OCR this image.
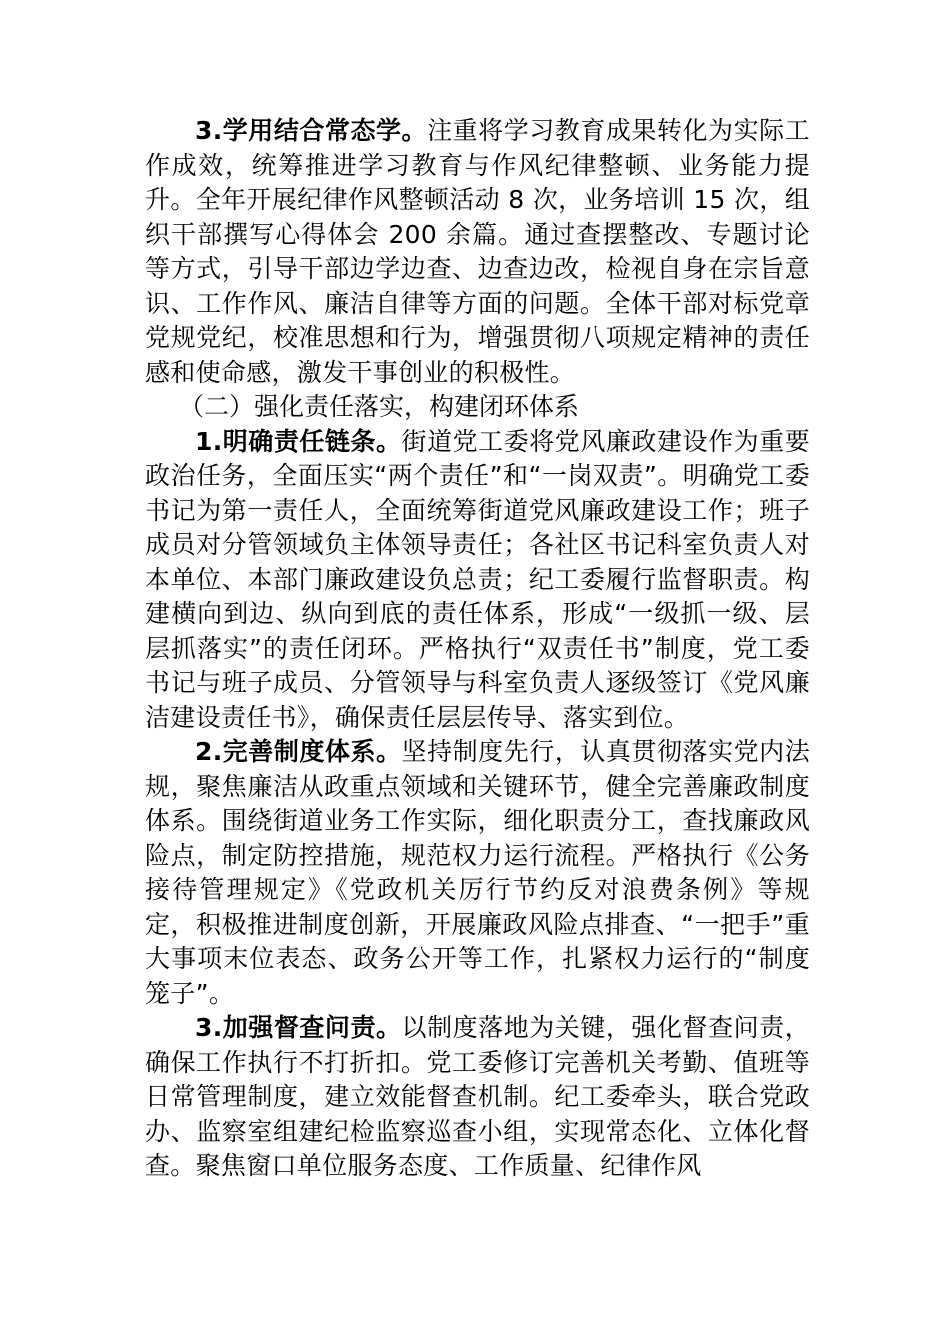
3.学用结合常态学。注重将学习教育成果转化为实际工作成效，统筹推进学习教育与作风纪律整顿、业务能力提升。全年开展纪律作风整顿活动 8 次，业务培训 15 次，组织干部撰写心得体会 200 余篇。通过查摆整改、专题讨论等方式，引导干部边学边查、边查边改，检视自身在宗旨意识、工作作风、廉洁自律等方面的问题。全体干部对标党章党规党纪，校准思想和行为，增强贯彻八项规定精神的责任感和使命感，激发干事创业的积极性。

（二）强化责任落实，构建闭环体系

1.明确责任链条。街道党工委将党风廉政建设作为重要政治任务，全面压实“两个责任”和“一岗双责”。明确党工委书记为第一责任人，全面统筹街道党风廉政建设工作；班子成员对分管领域负主体领导责任；各社区书记科室负责人对本单位、本部门廉政建设负总责；纪工委履行监督职责。构建横向到边、纵向到底的责任体系，形成“一级抓一级、层层抓落实”的责任闭环。严格执行“双责任书”制度，党工委书记与班子成员、分管领导与科室负责人逐级签订《党风廉洁建设责任书》，确保责任层层传导、落实到位。

2.完善制度体系。坚持制度先行，认真贯彻落实党内法规，聚焦廉洁从政重点领域和关键环节，健全完善廉政制度体系。围绕街道业务工作实际，细化职责分工，查找廉政风险点，制定防控措施，规范权力运行流程。严格执行《公务接待管理规定》《党政机关厉行节约反对浪费条例》等规定，积极推进制度创新，开展廉政风险点排查、“一把手”重大事项末位表态、政务公开等工作，扎紧权力运行的“制度笼子”。

3.加强督查问责。以制度落地为关键，强化督查问责，确保工作执行不打折扣。党工委修订完善机关考勤、值班等日常管理制度，建立效能督查机制。纪工委牵头，联合党政办、监察室组建纪检监察巡查小组，实现常态化、立体化督查。聚焦窗口单位服务态度、工作质量、纪律作风
